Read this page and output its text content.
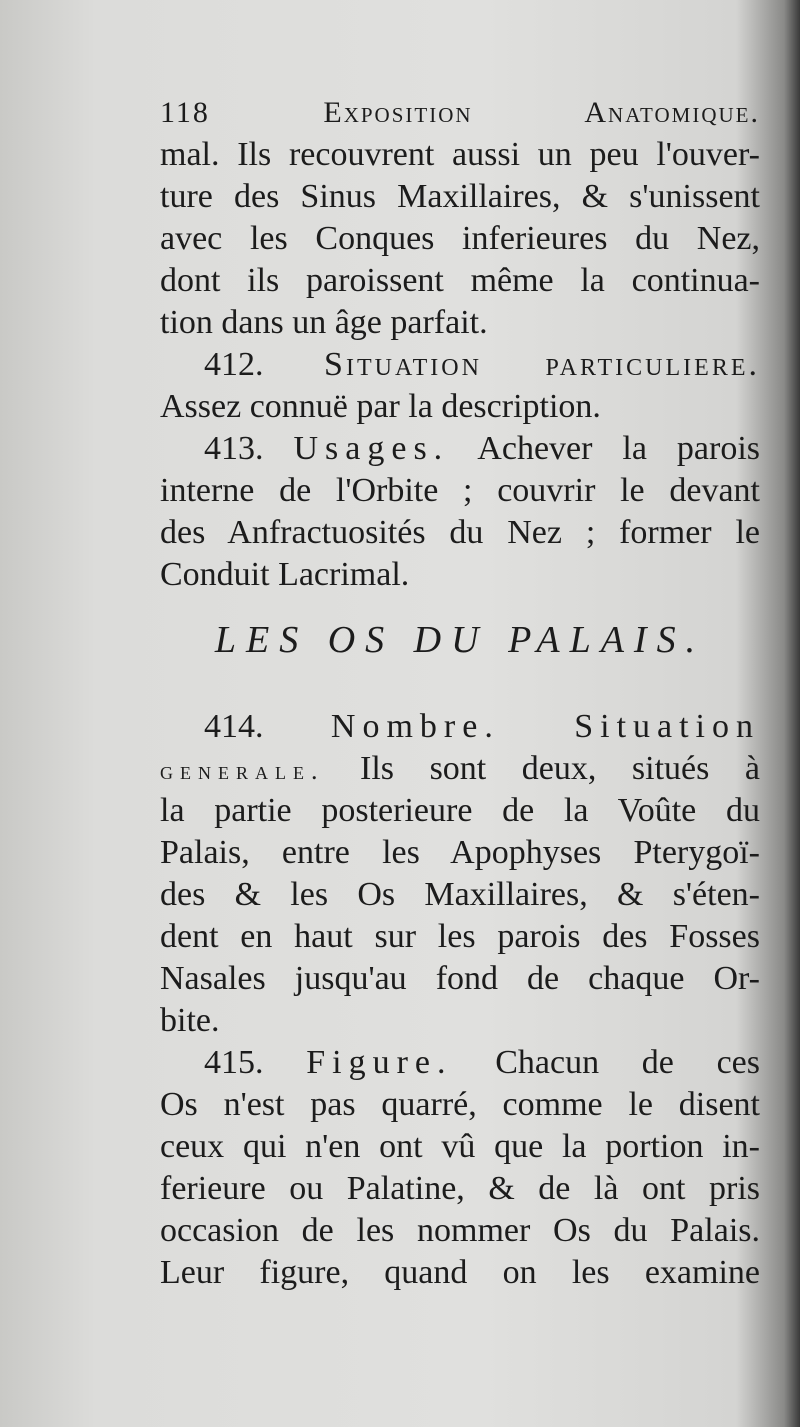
118	Exposition Anatomique.
mal. Ils recouvrent aussi un peu l'ouver-
ture des Sinus Maxillaires, & s'unissent
avec les Conques inferieures du Nez,
dont ils paroissent même la continua-
tion dans un âge parfait.
412. Situation particuliere.
Assez connuë par la description.
413. Usages. Achever la parois
interne de l'Orbite ; couvrir le devant
des Anfractuosités du Nez ; former le
Conduit Lacrimal.
LES OS DU PALAIS.
414. Nombre. Situation
generale. Ils sont deux, situés à
la partie posterieure de la Voûte du
Palais, entre les Apophyses Pterygoï-
des & les Os Maxillaires, & s'éten-
dent en haut sur les parois des Fosses
Nasales jusqu'au fond de chaque Or-
bite.
415. Figure. Chacun de ces
Os n'est pas quarré, comme le disent
ceux qui n'en ont vû que la portion in-
ferieure ou Palatine, & de là ont pris
occasion de les nommer Os du Palais.
Leur figure, quand on les examine
